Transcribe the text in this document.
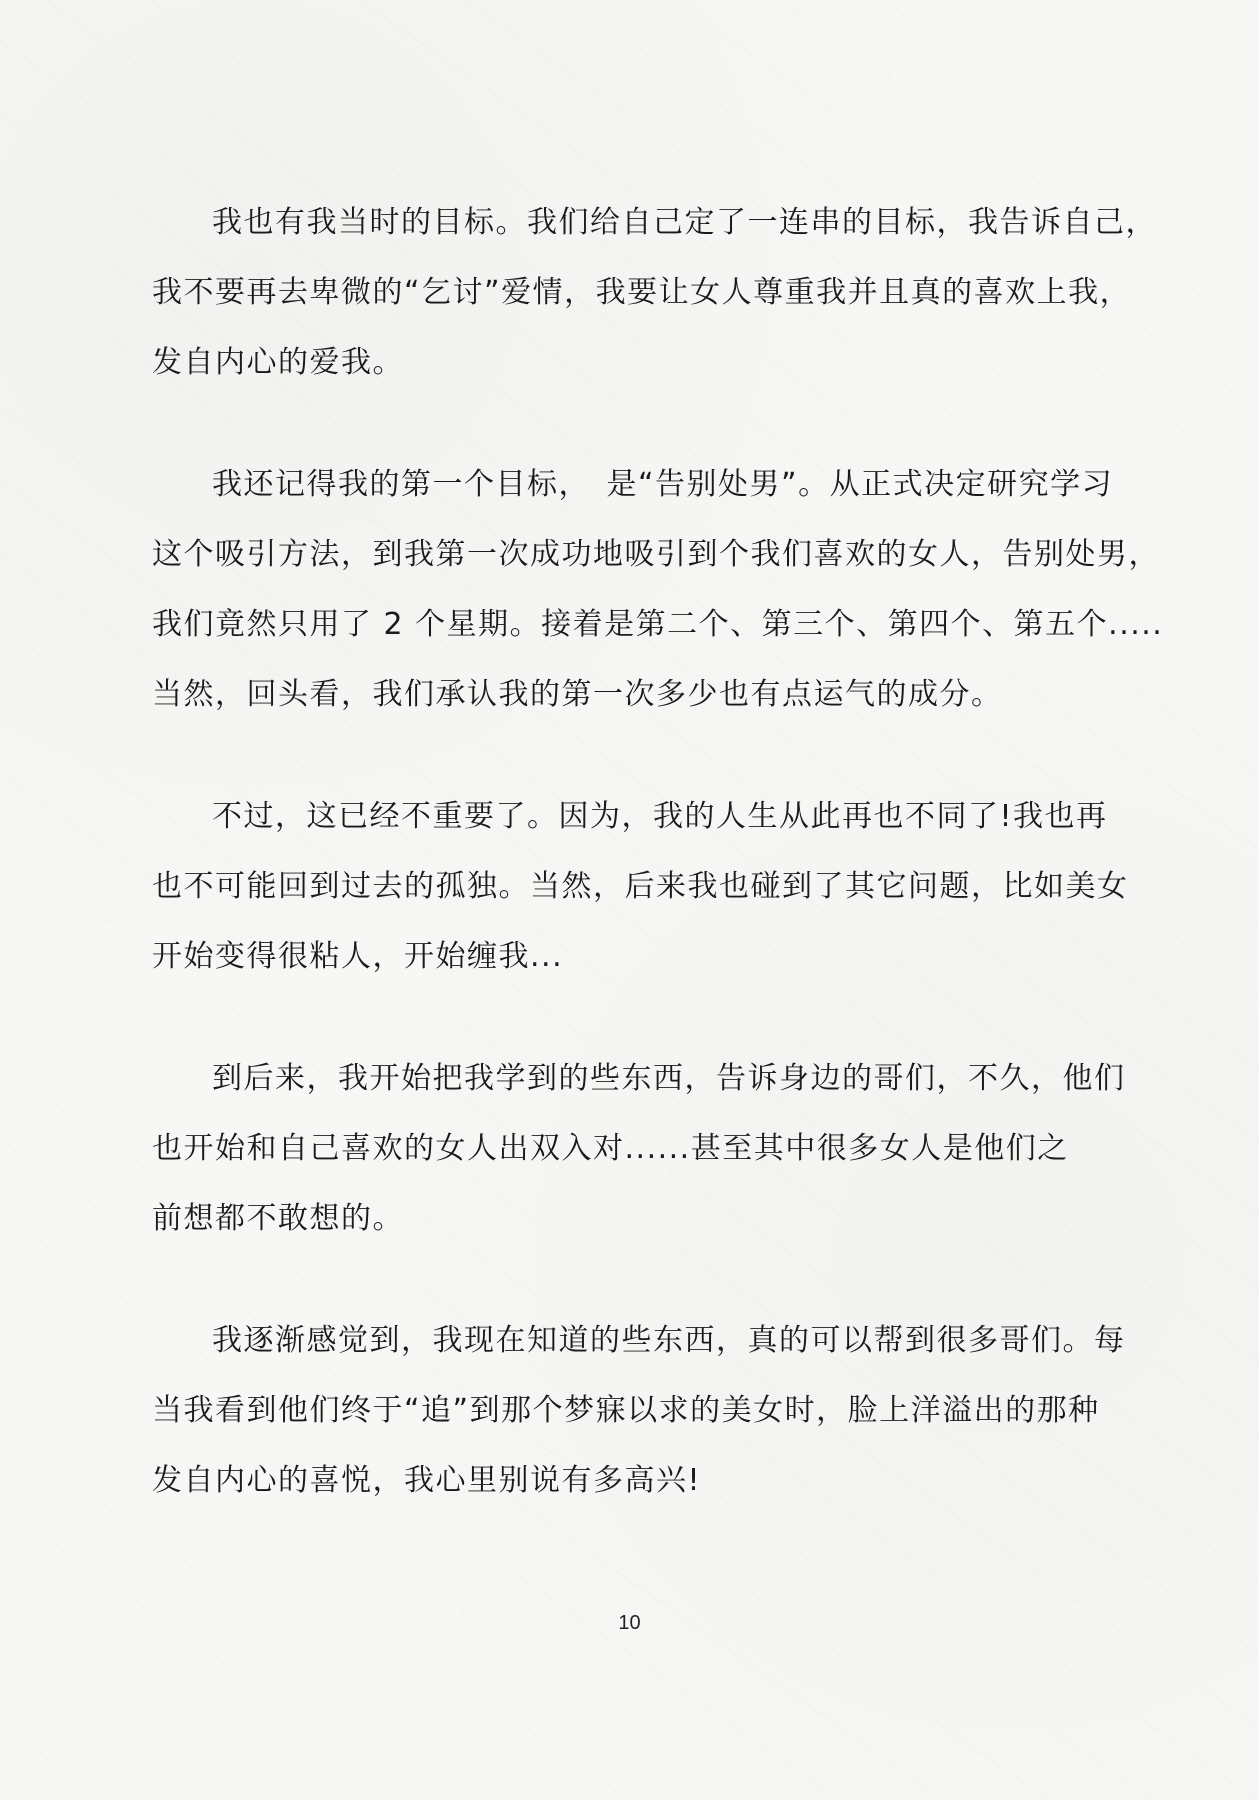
我也有我当时的目标。我们给自己定了一连串的目标，我告诉自己，
我不要再去卑微的“乞讨”爱情，我要让女人尊重我并且真的喜欢上我，
发自内心的爱我。

我还记得我的第一个目标，　是“告别处男”。从正式决定研究学习
这个吸引方法，到我第一次成功地吸引到个我们喜欢的女人，告别处男，
我们竟然只用了 2 个星期。接着是第二个、第三个、第四个、第五个.....
当然，回头看，我们承认我的第一次多少也有点运气的成分。

不过，这已经不重要了。因为，我的人生从此再也不同了!我也再
也不可能回到过去的孤独。当然，后来我也碰到了其它问题，比如美女
开始变得很粘人，开始缠我...

到后来，我开始把我学到的些东西，告诉身边的哥们，不久，他们
也开始和自己喜欢的女人出双入对......甚至其中很多女人是他们之
前想都不敢想的。

我逐渐感觉到，我现在知道的些东西，真的可以帮到很多哥们。每
当我看到他们终于“追”到那个梦寐以求的美女时，脸上洋溢出的那种
发自内心的喜悦，我心里别说有多高兴!

10
